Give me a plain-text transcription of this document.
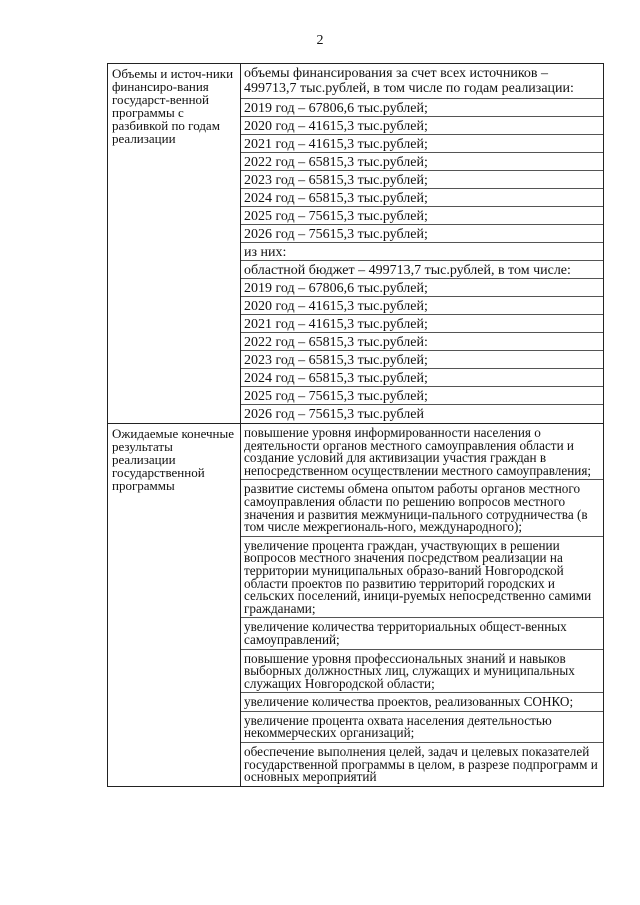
2
Объемы и источ-ники финансиро-вания государст-венной программы с разбивкой по годам реализации
объемы финансирования за счет всех источников – 499713,7 тыс.рублей, в том числе по годам реализации:
2019 год – 67806,6 тыс.рублей;
2020 год – 41615,3 тыс.рублей;
2021 год – 41615,3 тыс.рублей;
2022 год – 65815,3 тыс.рублей;
2023 год – 65815,3 тыс.рублей;
2024 год – 65815,3 тыс.рублей;
2025 год – 75615,3 тыс.рублей;
2026 год – 75615,3 тыс.рублей;
из них:
областной бюджет – 499713,7 тыс.рублей, в том числе:
2019 год – 67806,6 тыс.рублей;
2020 год – 41615,3 тыс.рублей;
2021 год – 41615,3 тыс.рублей;
2022 год – 65815,3 тыс.рублей:
2023 год – 65815,3 тыс.рублей;
2024 год – 65815,3 тыс.рублей;
2025 год – 75615,3 тыс.рублей;
2026 год – 75615,3 тыс.рублей
Ожидаемые конечные результаты реализации государственной программы
повышение уровня информированности населения о деятельности органов местного самоуправления области и создание условий для активизации участия граждан в непосредственном осуществлении местного самоуправления;
развитие системы обмена опытом работы органов местного самоуправления области по решению вопросов местного значения и развития межмуници-пального сотрудничества (в том числе межрегиональ-ного, международного);
увеличение процента граждан, участвующих в решении вопросов местного значения посредством реализации на территории муниципальных образо-ваний Новгородской области проектов по развитию территорий городских и сельских поселений, иници-руемых непосредственно самими гражданами;
увеличение количества территориальных общест-венных самоуправлений;
повышение уровня профессиональных знаний и навыков выборных должностных лиц, служащих и муниципальных служащих Новгородской области;
увеличение количества проектов, реализованных СОНКО;
увеличение процента охвата населения деятельностью некоммерческих организаций;
обеспечение выполнения целей, задач и целевых показателей государственной программы в целом, в разрезе подпрограмм и основных мероприятий
